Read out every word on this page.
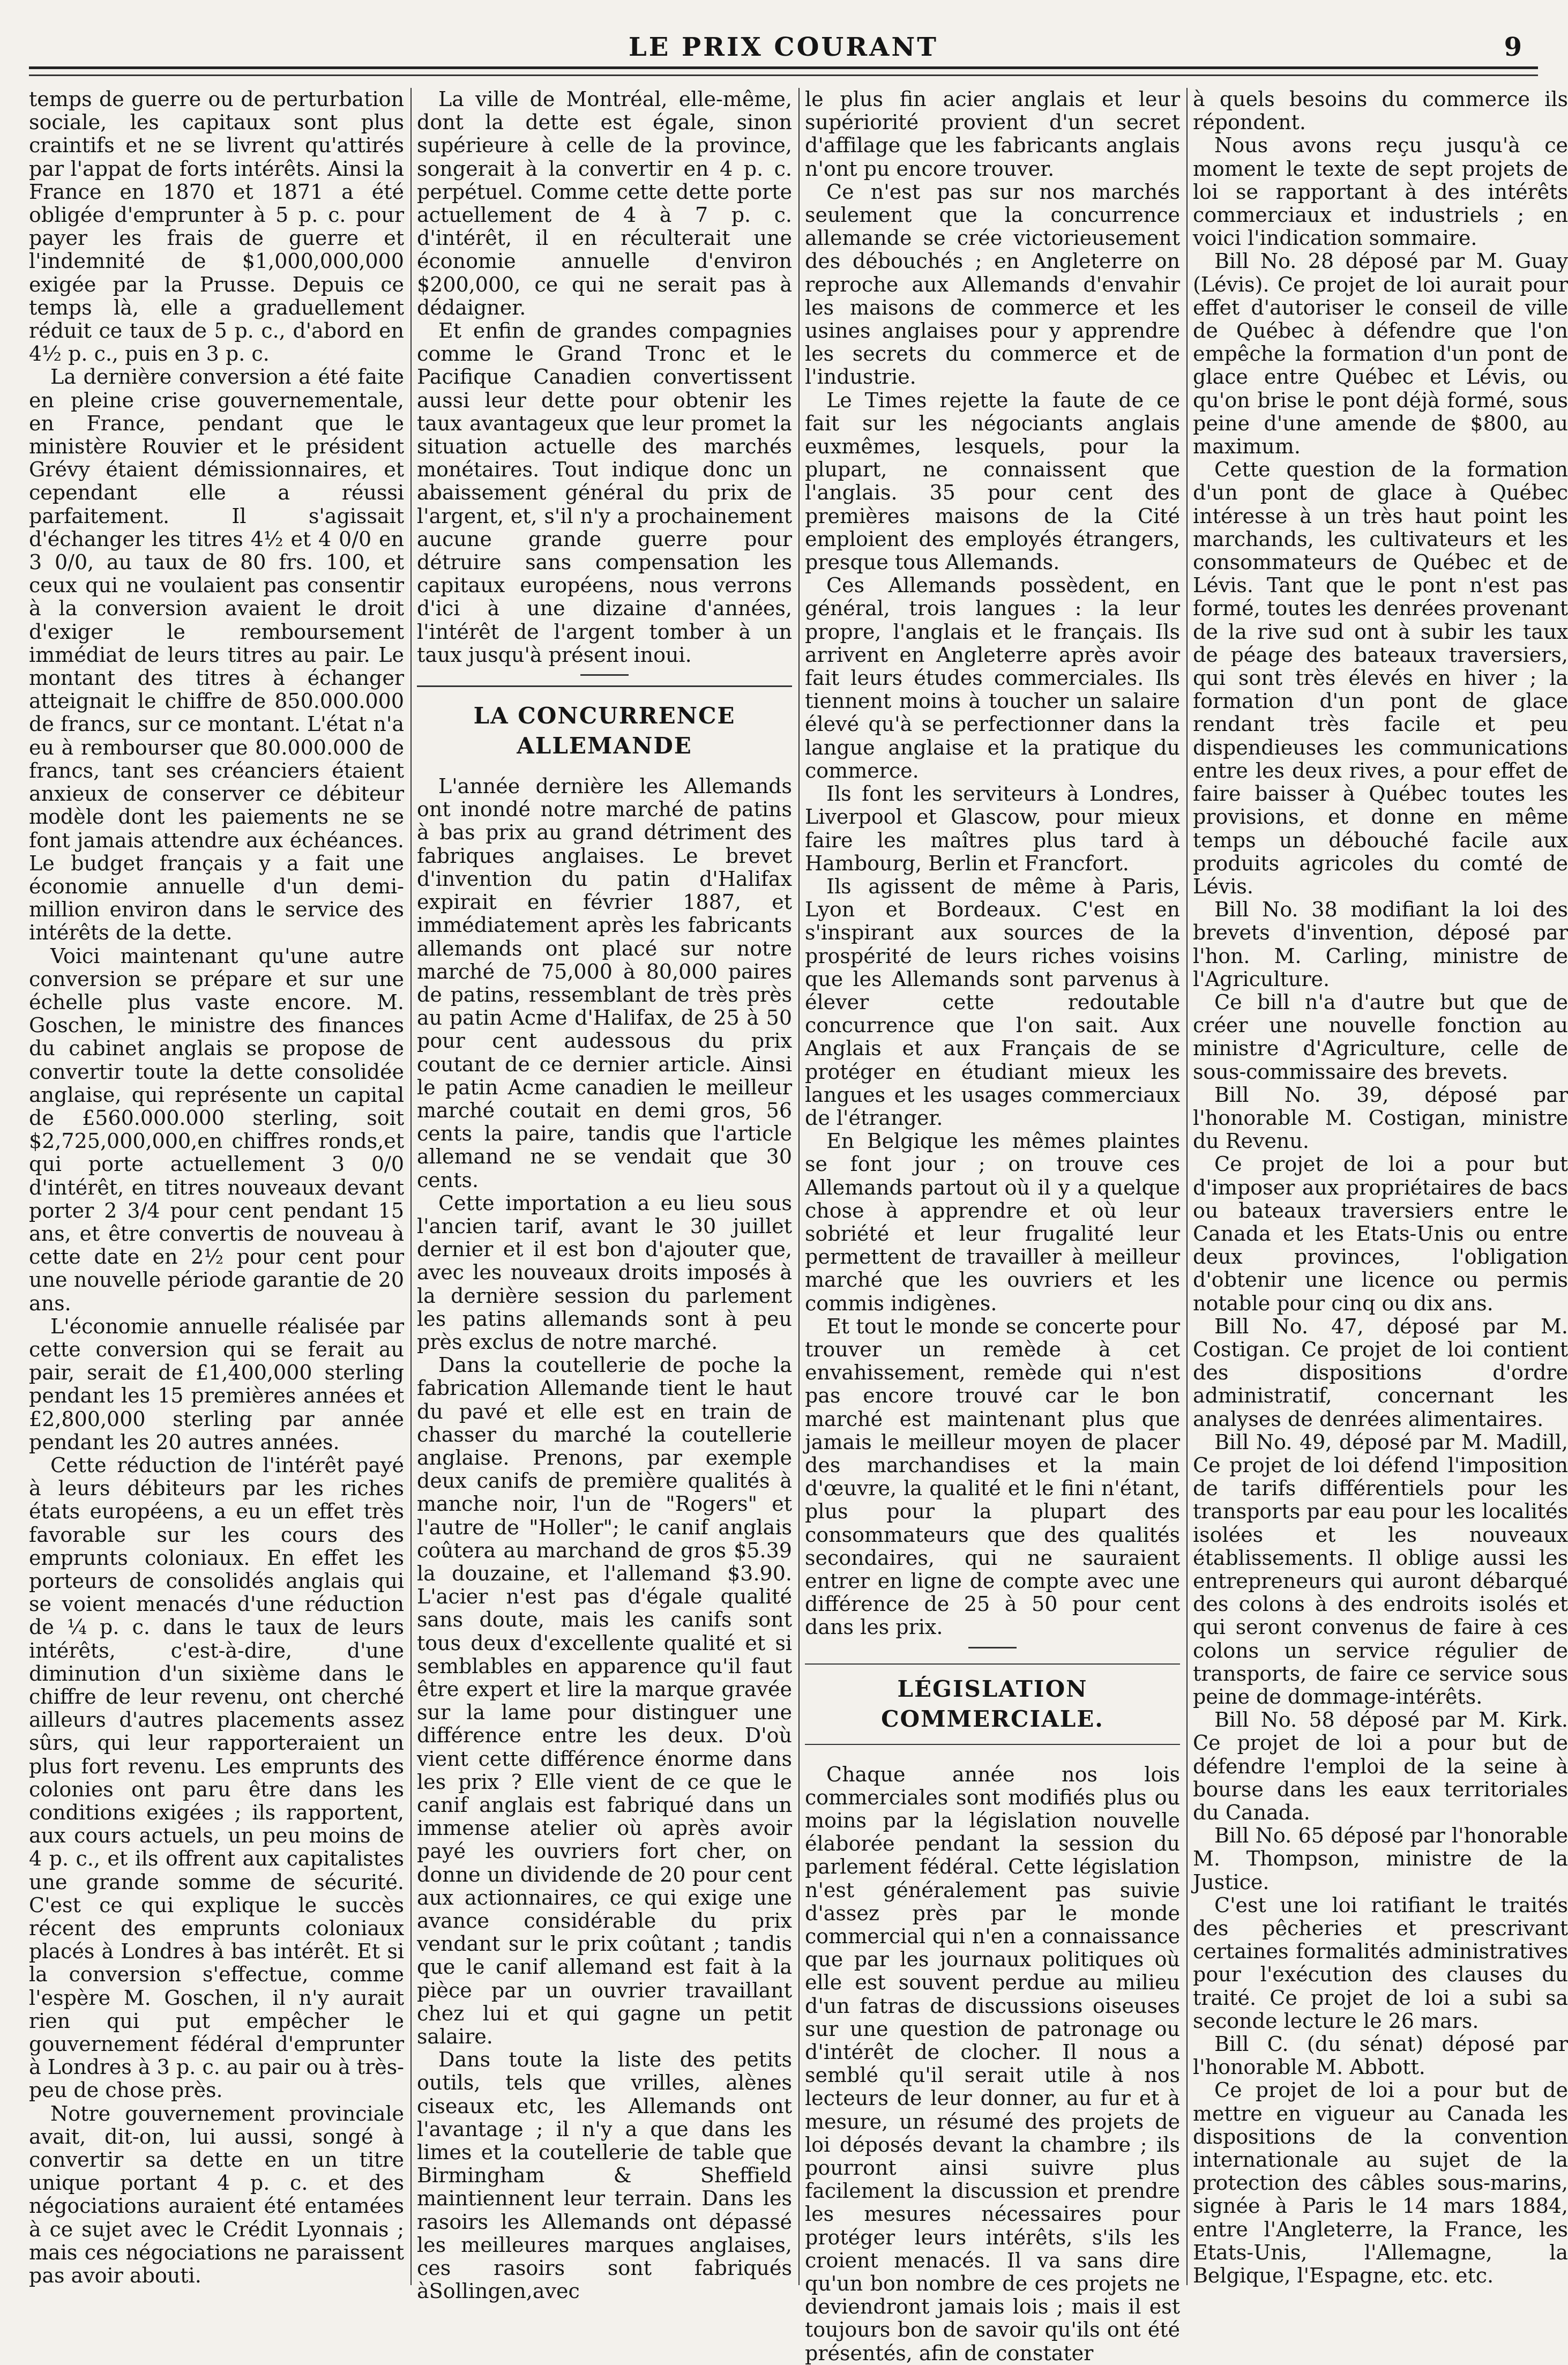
LE PRIX COURANT	9

temps de guerre ou de perturbation sociale, les capitaux sont plus craintifs et ne se livrent qu'attirés par l'appat de forts intérêts. Ainsi la France en 1870 et 1871 a été obligée d'emprunter à 5 p. c. pour payer les frais de guerre et l'indemnité de $1,000,000,000 exigée par la Prusse. Depuis ce temps là, elle a graduellement réduit ce taux de 5 p. c., d'abord en 4½ p. c., puis en 3 p. c.

La dernière conversion a été faite en pleine crise gouvernementale, en France, pendant que le ministère Rouvier et le président Grévy étaient démissionnaires, et cependant elle a réussi parfaitement. Il s'agissait d'échanger les titres 4½ et 4 0/0 en 3 0/0, au taux de 80 frs. 100, et ceux qui ne voulaient pas consentir à la conversion avaient le droit d'exiger le remboursement immédiat de leurs titres au pair. Le montant des titres à échanger atteignait le chiffre de 850.000.000 de francs, sur ce montant. L'état n'a eu à rembourser que 80.000.000 de francs, tant ses créanciers étaient anxieux de conserver ce débiteur modèle dont les paiements ne se font jamais attendre aux échéances. Le budget français y a fait une économie annuelle d'un demi-million environ dans le service des intérêts de la dette.

Voici maintenant qu'une autre conversion se prépare et sur une échelle plus vaste encore. M. Goschen, le ministre des finances du cabinet anglais se propose de convertir toute la dette consolidée anglaise, qui représente un capital de £560.000.000 sterling, soit $2,725,000,000,en chiffres ronds,et qui porte actuellement 3 0/0 d'intérêt, en titres nouveaux devant porter 2 3/4 pour cent pendant 15 ans, et être convertis de nouveau à cette date en 2½ pour cent pour une nouvelle période garantie de 20 ans.

L'économie annuelle réalisée par cette conversion qui se ferait au pair, serait de £1,400,000 sterling pendant les 15 premières années et £2,800,000 sterling par année pendant les 20 autres années.

Cette réduction de l'intérêt payé à leurs débiteurs par les riches états européens, a eu un effet très favorable sur les cours des emprunts coloniaux. En effet les porteurs de consolidés anglais qui se voient menacés d'une réduction de ¼ p. c. dans le taux de leurs intérêts, c'est-à-dire, d'une diminution d'un sixième dans le chiffre de leur revenu, ont cherché ailleurs d'autres placements assez sûrs, qui leur rapporteraient un plus fort revenu. Les emprunts des colonies ont paru être dans les conditions exigées ; ils rapportent, aux cours actuels, un peu moins de 4 p. c., et ils offrent aux capitalistes une grande somme de sécurité. C'est ce qui explique le succès récent des emprunts coloniaux placés à Londres à bas intérêt. Et si la conversion s'effectue, comme l'espère M. Goschen, il n'y aurait rien qui put empêcher le gouvernement fédéral d'emprunter à Londres à 3 p. c. au pair ou à très-peu de chose près.

Notre gouvernement provinciale avait, dit-on, lui aussi, songé à convertir sa dette en un titre unique portant 4 p. c. et des négociations auraient été entamées à ce sujet avec le Crédit Lyonnais ; mais ces négociations ne paraissent pas avoir abouti.

La ville de Montréal, elle-même, dont la dette est égale, sinon supérieure à celle de la province, songerait à la convertir en 4 p. c. perpétuel. Comme cette dette porte actuellement de 4 à 7 p. c. d'intérêt, il en réculterait une économie annuelle d'environ $200,000, ce qui ne serait pas à dédaigner.

Et enfin de grandes compagnies comme le Grand Tronc et le Pacifique Canadien convertissent aussi leur dette pour obtenir les taux avantageux que leur promet la situation actuelle des marchés monétaires. Tout indique donc un abaissement général du prix de l'argent, et, s'il n'y a prochainement aucune grande guerre pour détruire sans compensation les capitaux européens, nous verrons d'ici à une dizaine d'années, l'intérêt de l'argent tomber à un taux jusqu'à présent inoui.

LA CONCURRENCE ALLEMANDE

L'année dernière les Allemands ont inondé notre marché de patins à bas prix au grand détriment des fabriques anglaises. Le brevet d'invention du patin d'Halifax expirait en février 1887, et immédiatement après les fabricants allemands ont placé sur notre marché de 75,000 à 80,000 paires de patins, ressemblant de très près au patin Acme d'Halifax, de 25 à 50 pour cent audessous du prix coutant de ce dernier article. Ainsi le patin Acme canadien le meilleur marché coutait en demi gros, 56 cents la paire, tandis que l'article allemand ne se vendait que 30 cents.

Cette importation a eu lieu sous l'ancien tarif, avant le 30 juillet dernier et il est bon d'ajouter que, avec les nouveaux droits imposés à la dernière session du parlement les patins allemands sont à peu près exclus de notre marché.

Dans la coutellerie de poche la fabrication Allemande tient le haut du pavé et elle est en train de chasser du marché la coutellerie anglaise. Prenons, par exemple deux canifs de première qualités à manche noir, l'un de "Rogers" et l'autre de "Holler"; le canif anglais coûtera au marchand de gros $5.39 la douzaine, et l'allemand $3.90. L'acier n'est pas d'égale qualité sans doute, mais les canifs sont tous deux d'excellente qualité et si semblables en apparence qu'il faut être expert et lire la marque gravée sur la lame pour distinguer une différence entre les deux. D'où vient cette différence énorme dans les prix ? Elle vient de ce que le canif anglais est fabriqué dans un immense atelier où après avoir payé les ouvriers fort cher, on donne un dividende de 20 pour cent aux actionnaires, ce qui exige une avance considérable du prix vendant sur le prix coûtant ; tandis que le canif allemand est fait à la pièce par un ouvrier travaillant chez lui et qui gagne un petit salaire.

Dans toute la liste des petits outils, tels que vrilles, alènes ciseaux etc, les Allemands ont l'avantage ; il n'y a que dans les limes et la coutellerie de table que Birmingham & Sheffield maintiennent leur terrain. Dans les rasoirs les Allemands ont dépassé les meilleures marques anglaises, ces rasoirs sont fabriqués àSollingen,avec

le plus fin acier anglais et leur supériorité provient d'un secret d'affilage que les fabricants anglais n'ont pu encore trouver.

Ce n'est pas sur nos marchés seulement que la concurrence allemande se crée victorieusement des débouchés ; en Angleterre on reproche aux Allemands d'envahir les maisons de commerce et les usines anglaises pour y apprendre les secrets du commerce et de l'industrie.

Le Times rejette la faute de ce fait sur les négociants anglais euxmêmes, lesquels, pour la plupart, ne connaissent que l'anglais. 35 pour cent des premières maisons de la Cité emploient des employés étrangers, presque tous Allemands.

Ces Allemands possèdent, en général, trois langues : la leur propre, l'anglais et le français. Ils arrivent en Angleterre après avoir fait leurs études commerciales. Ils tiennent moins à toucher un salaire élevé qu'à se perfectionner dans la langue anglaise et la pratique du commerce.

Ils font les serviteurs à Londres, Liverpool et Glascow, pour mieux faire les maîtres plus tard à Hambourg, Berlin et Francfort.

Ils agissent de même à Paris, Lyon et Bordeaux. C'est en s'inspirant aux sources de la prospérité de leurs riches voisins que les Allemands sont parvenus à élever cette redoutable concurrence que l'on sait. Aux Anglais et aux Français de se protéger en étudiant mieux les langues et les usages commerciaux de l'étranger.

En Belgique les mêmes plaintes se font jour ; on trouve ces Allemands partout où il y a quelque chose à apprendre et où leur sobriété et leur frugalité leur permettent de travailler à meilleur marché que les ouvriers et les commis indigènes.

Et tout le monde se concerte pour trouver un remède à cet envahissement, remède qui n'est pas encore trouvé car le bon marché est maintenant plus que jamais le meilleur moyen de placer des marchandises et la main d'œuvre, la qualité et le fini n'étant, plus pour la plupart des consommateurs que des qualités secondaires, qui ne sauraient entrer en ligne de compte avec une différence de 25 à 50 pour cent dans les prix.

LÉGISLATION COMMERCIALE.

Chaque année nos lois commerciales sont modifiés plus ou moins par la législation nouvelle élaborée pendant la session du parlement fédéral. Cette législation n'est généralement pas suivie d'assez près par le monde commercial qui n'en a connaissance que par les journaux politiques où elle est souvent perdue au milieu d'un fatras de discussions oiseuses sur une question de patronage ou d'intérêt de clocher. Il nous a semblé qu'il serait utile à nos lecteurs de leur donner, au fur et à mesure, un résumé des projets de loi déposés devant la chambre ; ils pourront ainsi suivre plus facilement la discussion et prendre les mesures nécessaires pour protéger leurs intérêts, s'ils les croient menacés. Il va sans dire qu'un bon nombre de ces projets ne deviendront jamais lois ; mais il est toujours bon de savoir qu'ils ont été présentés, afin de constater

à quels besoins du commerce ils répondent.

Nous avons reçu jusqu'à ce moment le texte de sept projets de loi se rapportant à des intérêts commerciaux et industriels ; en voici l'indication sommaire.

Bill No. 28 déposé par M. Guay (Lévis). Ce projet de loi aurait pour effet d'autoriser le conseil de ville de Québec à défendre que l'on empêche la formation d'un pont de glace entre Québec et Lévis, ou qu'on brise le pont déjà formé, sous peine d'une amende de $800, au maximum.

Cette question de la formation d'un pont de glace à Québec intéresse à un très haut point les marchands, les cultivateurs et les consommateurs de Québec et de Lévis. Tant que le pont n'est pas formé, toutes les denrées provenant de la rive sud ont à subir les taux de péage des bateaux traversiers, qui sont très élevés en hiver ; la formation d'un pont de glace rendant très facile et peu dispendieuses les communications entre les deux rives, a pour effet de faire baisser à Québec toutes les provisions, et donne en même temps un débouché facile aux produits agricoles du comté de Lévis.

Bill No. 38 modifiant la loi des brevets d'invention, déposé par l'hon. M. Carling, ministre de l'Agriculture.

Ce bill n'a d'autre but que de créer une nouvelle fonction au ministre d'Agriculture, celle de sous-commissaire des brevets.

Bill No. 39, déposé par l'honorable M. Costigan, ministre du Revenu.

Ce projet de loi a pour but d'imposer aux propriétaires de bacs ou bateaux traversiers entre le Canada et les Etats-Unis ou entre deux provinces, l'obligation d'obtenir une licence ou permis notable pour cinq ou dix ans.

Bill No. 47, déposé par M. Costigan. Ce projet de loi contient des dispositions d'ordre administratif, concernant les analyses de denrées alimentaires.

Bill No. 49, déposé par M. Madill, Ce projet de loi défend l'imposition de tarifs différentiels pour les transports par eau pour les localités isolées et les nouveaux établissements. Il oblige aussi les entrepreneurs qui auront débarqué des colons à des endroits isolés et qui seront convenus de faire à ces colons un service régulier de transports, de faire ce service sous peine de dommage-intérêts.

Bill No. 58 déposé par M. Kirk. Ce projet de loi a pour but de défendre l'emploi de la seine à bourse dans les eaux territoriales du Canada.

Bill No. 65 déposé par l'honorable M. Thompson, ministre de la Justice.

C'est une loi ratifiant le traités des pêcheries et prescrivant certaines formalités administratives pour l'exécution des clauses du traité. Ce projet de loi a subi sa seconde lecture le 26 mars.

Bill C. (du sénat) déposé par l'honorable M. Abbott.

Ce projet de loi a pour but de mettre en vigueur au Canada les dispositions de la convention internationale au sujet de la protection des câbles sous-marins, signée à Paris le 14 mars 1884, entre l'Angleterre, la France, les Etats-Unis, l'Allemagne, la Belgique, l'Espagne, etc. etc.
